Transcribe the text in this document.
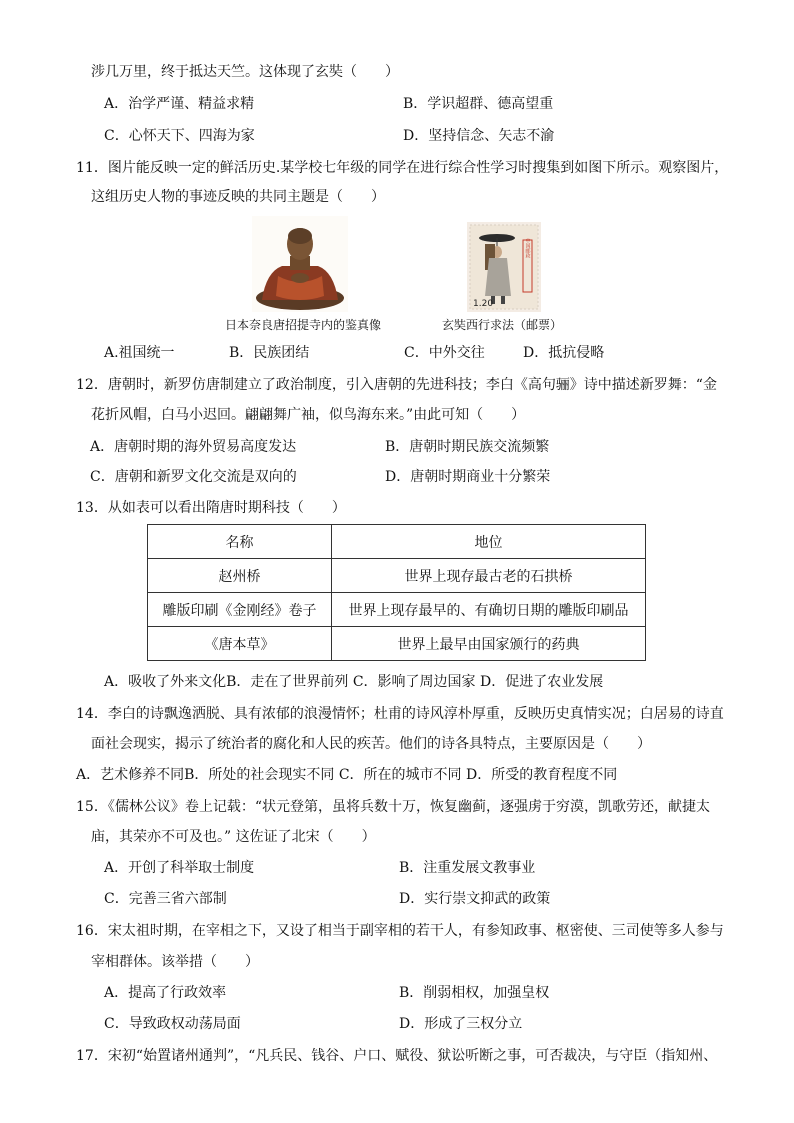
涉几万里，终于抵达天竺。这体现了玄奘（　　）
A．治学严谨、精益求精	B．学识超群、德高望重
C．心怀天下、四海为家	D．坚持信念、矢志不渝
11．图片能反映一定的鲜活历史.某学校七年级的同学在进行综合性学习时搜集到如图下所示。观察图片，
这组历史人物的事迹反映的共同主题是（　　）
日本奈良唐招提寺内的鉴真像
中国邮政
1.20
玄奘西行求法（邮票）
A.祖国统一	B．民族团结	C．中外交往	D．抵抗侵略
12．唐朝时，新罗仿唐制建立了政治制度，引入唐朝的先进科技；李白《高句骊》诗中描述新罗舞：“金
花折风帽，白马小迟回。翩翩舞广袖，似鸟海东来。”由此可知（　　）
A．唐朝时期的海外贸易高度发达	B．唐朝时期民族交流频繁
C．唐朝和新罗文化交流是双向的	D．唐朝时期商业十分繁荣
13．从如表可以看出隋唐时期科技（　　）
名称	地位
赵州桥	世界上现存最古老的石拱桥
雕版印刷《金刚经》卷子	世界上现存最早的、有确切日期的雕版印刷品
《唐本草》	世界上最早由国家颁行的药典
A．吸收了外来文化B．走在了世界前列 C．影响了周边国家 D．促进了农业发展
14．李白的诗飘逸洒脱、具有浓郁的浪漫情怀；杜甫的诗风淳朴厚重，反映历史真情实况；白居易的诗直
面社会现实，揭示了统治者的腐化和人民的疾苦。他们的诗各具特点，主要原因是（　　）
A．艺术修养不同B．所处的社会现实不同 C．所在的城市不同 D．所受的教育程度不同
15．《儒林公议》卷上记载：“状元登第，虽将兵数十万，恢复幽蓟，逐强虏于穷漠，凯歌劳还，献捷太
庙，其荣亦不可及也。” 这佐证了北宋（　　）
A．开创了科举取士制度	B．注重发展文教事业
C．完善三省六部制	D．实行崇文抑武的政策
16．宋太祖时期，在宰相之下，又设了相当于副宰相的若干人，有参知政事、枢密使、三司使等多人参与
宰相群体。该举措（　　）
A．提高了行政效率	B．削弱相权，加强皇权
C．导致政权动荡局面	D．形成了三权分立
17．宋初“始置诸州通判”，“凡兵民、钱谷、户口、赋役、狱讼听断之事，可否裁决，与守臣（指知州、
